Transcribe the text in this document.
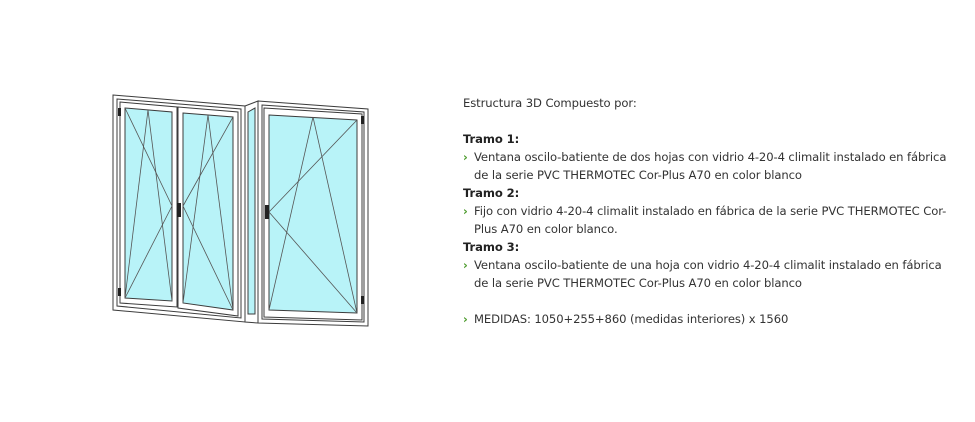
Estructura 3D Compuesto por:

Tramo 1:

› Ventana oscilo-batiente de dos hojas con vidrio 4-20-4 climalit instalado en fábrica de la serie PVC THERMOTEC Cor-Plus A70 en color blanco

Tramo 2:

› Fijo con vidrio 4-20-4 climalit instalado en fábrica de la serie PVC THERMOTEC Cor-Plus A70 en color blanco.

Tramo 3:

› Ventana oscilo-batiente de una hoja con vidrio 4-20-4 climalit instalado en fábrica de la serie PVC THERMOTEC Cor-Plus A70 en color blanco

› MEDIDAS: 1050+255+860 (medidas interiores) x 1560
